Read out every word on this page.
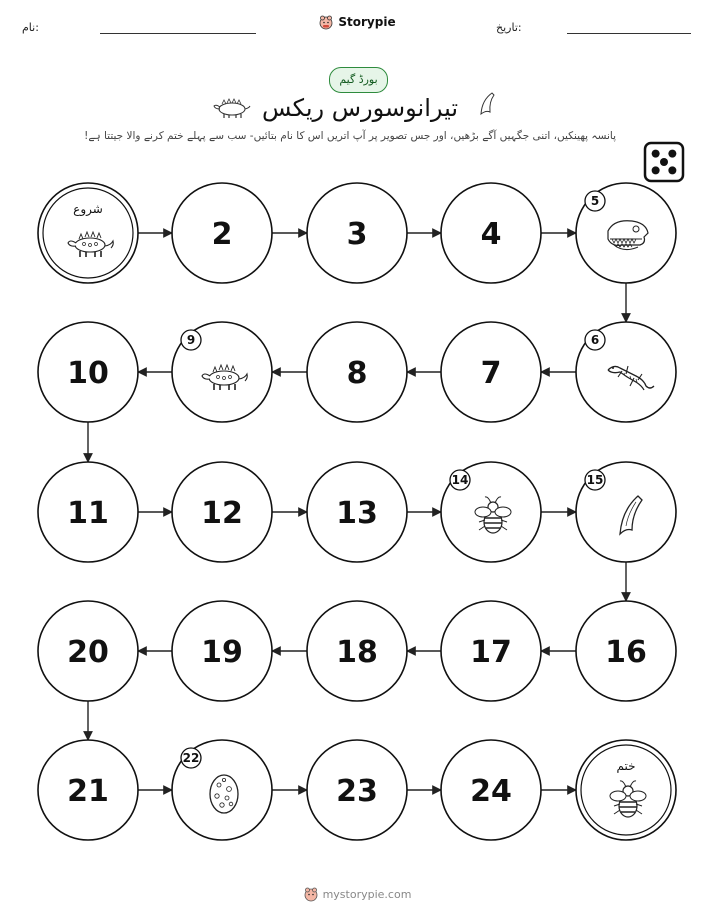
نام:	تاریخ:
Storypie
بورڈ گیم
تیرانوسورس ریکس
پانسہ پھینکیں، اتنی جگہیں آگے بڑھیں، اور جس تصویر پر آپ اتریں اس کا نام بتائیں- سب سے پہلے ختم کرنے والا جیتتا ہے!
شروع
2	3	4
5
10
9
8	7
6
11	12	13
14	15
20	19	18	17	16
21
22
23	24
ختم
mystorypie.com
